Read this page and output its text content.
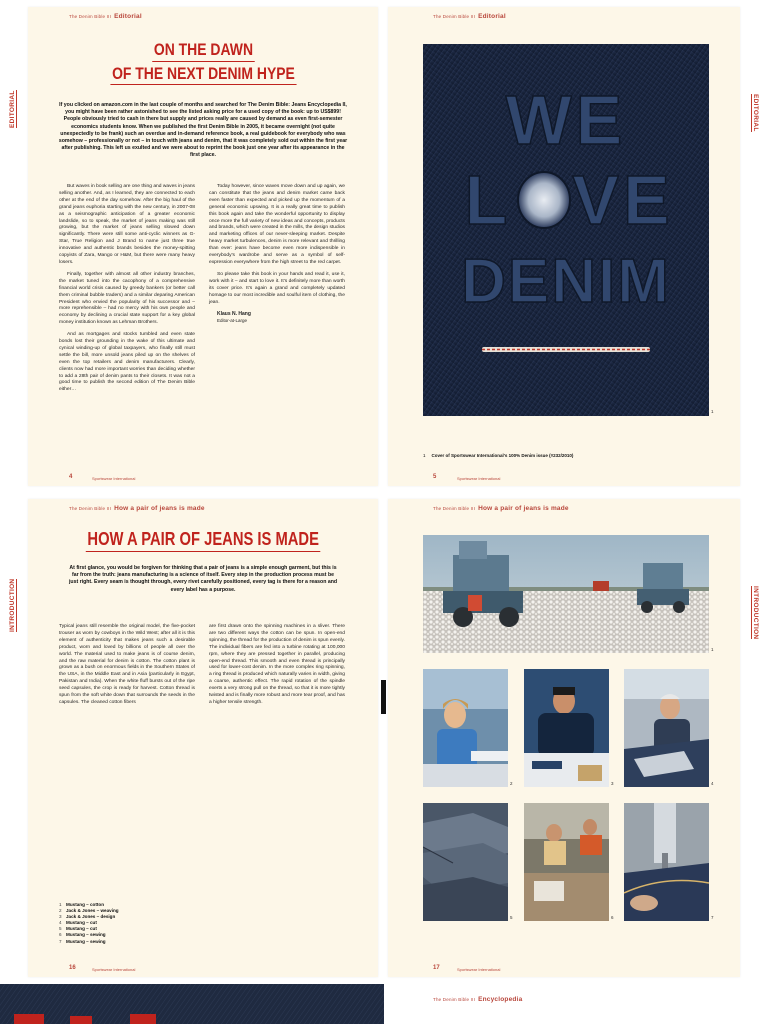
The Denim Bible III Editorial
ON THE DAWN
OF THE NEXT DENIM HYPE
If you clicked on amazon.com in the last couple of months and searched for The Denim Bible: Jeans Encyclopedia II, you might have been rather astonished to see the listed asking price for a used copy of the book: up to US$899! People obviously tried to cash in there but supply and prices really are caused by demand as even first-semester economics students know. When we published the first Denim Bible in 2005, it became overnight (not quite unexpectedly to be frank) such an overdue and in-demand reference book, a real guidebook for everybody who was somehow – professionally or not – in touch with jeans and denim, that it was completely sold out within the first year after publishing. This left us exulted and we were about to reprint the book just one year after its appearance in the first place.

But waves in book selling are one thing and waves in jeans selling another. And, as I learned, they are connected to each other at the end of the day somehow. After the big haul of the grand jeans euphoria starting with the new century, in 2007-08 as a seismographic anticipation of a greater economic landslide, so to speak, the market of jeans making was still growing, but the market of jeans selling slowed down significantly. There were still some anti-cyclic winners as G-Star, True Religion and J Brand to name just three true innovative and authentic brands besides the money-spitting copyists of Zara, Mango or H&M, but there were many heavy losers.

Finally, together with almost all other industry branches, the market tuned into the cacophony of a comprehensive financial world crisis caused by greedy bankers (or better call them criminal bubble traders) and a similar deparing American President who envied the popularity of his successor and – more reprehensible – had no mercy with his own people and economy by declining a crucial state support for a key global money institution known as Lehman Brothers.

And as mortgages and stocks tumbled and even state bonds lost their grounding in the wake of this ultimate and cynical winding-up of global taxpayers, who finally still must settle the bill, more unsold jeans piled up on the shelves of even the top retailers and denim manufacturers. Clearly, clients now had more important worries than deciding whether to add a 28th pair of denim pants to their closets. It was not a good time to publish the second edition of The Denim Bible either…

Today however, since waves move down and up again, we can constitute that the jeans and denim market came back even faster than expected and picked up the momentum of a general economic upswing. It is a really great time to publish this book again and take the wonderful opportunity to display once more the full variety of new ideas and concepts, products and brands, which were created in the mills, the design studios and marketing offices of our never-sleeping market. Despite heavy market turbulences, denim is more relevant and thrilling than ever: jeans have become even more indispensible in everybody's wardrobe and serve as a symbol of self-expression everywhere from the high street to the red carpet.

So please take this book in your hands and read it, use it, work with it – and start to love it. It's definitely more than worth its cover price. It's again a grand and completely updated homage to our most incredible and soulful item of clothing, the jean.

Klaus N. Hang
Editor-at-Large
4	Sportswear International
EDITORIAL
The Denim Bible III Editorial
WE
L VE
DENIM
1
1 Cover of Sportswear International's 100% Denim issue (#232/2010)
5	Sportswear International
EDITORIAL
The Denim Bible III How a pair of jeans is made
HOW A PAIR OF JEANS IS MADE
At first glance, you would be forgiven for thinking that a pair of jeans is a simple enough garment, but this is far from the truth: jeans manufacturing is a science of itself. Every step in the production process must be just right. Every seam is thought through, every rivet carefully positioned, every tag is there for a reason and every label has a purpose.

Typical jeans still resemble the original model, the five-pocket trouser as worn by cowboys in the Wild West; after all it is this element of authenticity that makes jeans such a desirable product, worn and loved by billions of people all over the world. The material used to make jeans is of course denim, and the raw material for denim is cotton. The cotton plant is grown as a bush on enormous fields in the Southern States of the USA, in the Middle East and in Asia (particularly in Egypt, Pakistan and India). When the white fluff bursts out of the ripe seed capsules, the crop is ready for harvest. Cotton thread is spun from the soft white down that surrounds the seeds in the capsules. The cleaned cotton fibers

are first drawn onto the spinning machines in a sliver. There are two different ways the cotton can be spun. In open-end spinning, the thread for the production of denim is spun evenly. The individual fibers are fed into a turbine rotating at 100,000 rpm, where they are pressed together in parallel, producing open-end thread. This smooth and even thread is principally used for lower-cost denim. In the more complex ring spinning, a ring thread is produced which naturally varies in width, giving a coarse, authentic effect. The rapid rotation of the spindle exerts a very strong pull on the thread, so that it is more tightly twisted and is finally more robust and more tear proof, and has a higher tensile strength.

1 Mustang – cotton
2 Jack & Jones – weaving
3 Jack & Jones – design
4 Mustang – cut
5 Mustang – cut
6 Mustang – sewing
7 Mustang – sewing
16	Sportswear International
INTRODUCTION
The Denim Bible III How a pair of jeans is made
1
2	3	4
5	6	7
17	Sportswear International
INTRODUCTION
The Denim Bible III Encyclopedia
